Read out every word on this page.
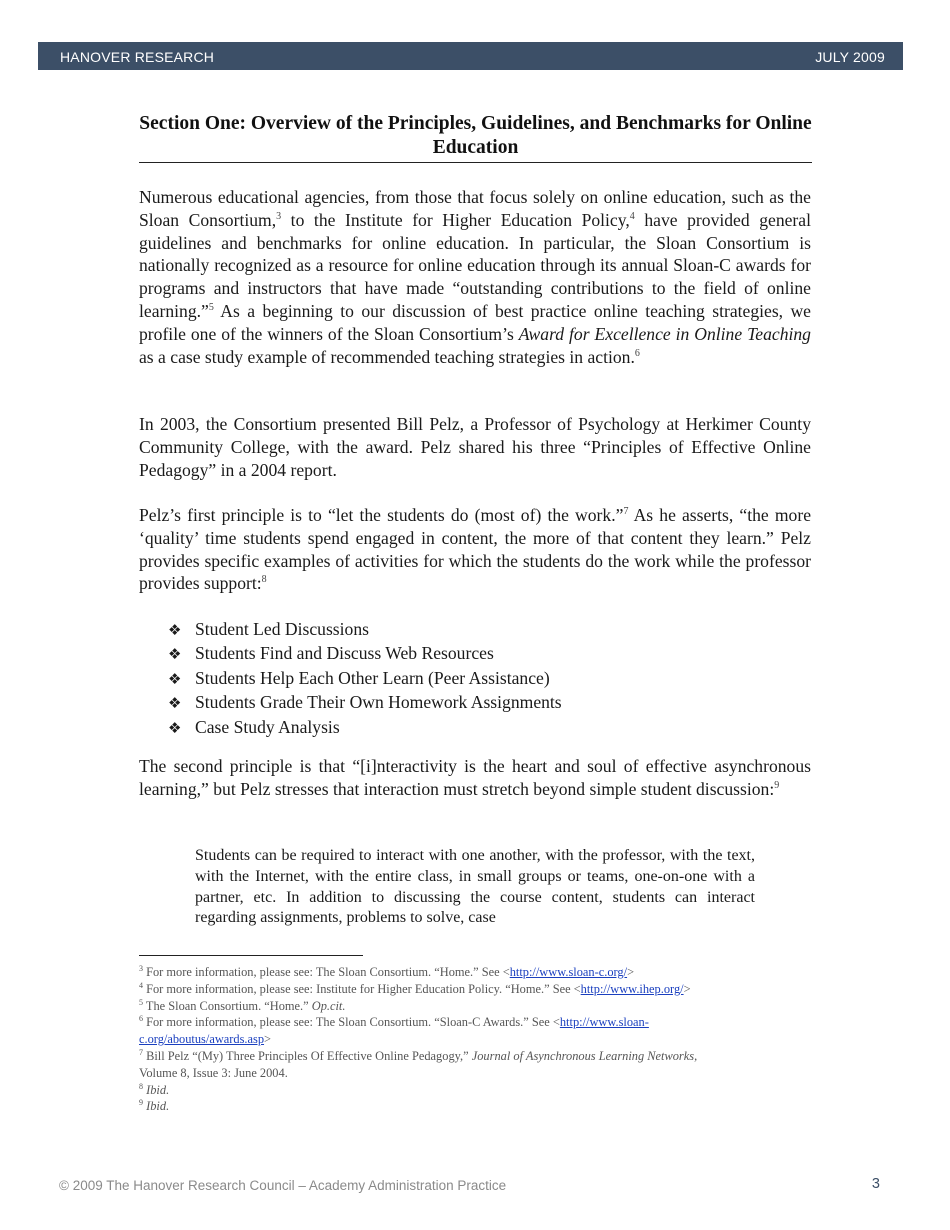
HANOVER RESEARCH	JULY 2009
Section One: Overview of the Principles, Guidelines, and Benchmarks for Online Education

Numerous educational agencies, from those that focus solely on online education, such as the Sloan Consortium,$^3$ to the Institute for Higher Education Policy,$^4$ have provided general guidelines and benchmarks for online education. In particular, the Sloan Consortium is nationally recognized as a resource for online education through its annual Sloan-C awards for programs and instructors that have made “outstanding contributions to the field of online learning.”$^5$ As a beginning to our discussion of best practice online teaching strategies, we profile one of the winners of the Sloan Consortium’s Award for Excellence in Online Teaching as a case study example of recommended teaching strategies in action.$^6$

In 2003, the Consortium presented Bill Pelz, a Professor of Psychology at Herkimer County Community College, with the award. Pelz shared his three “Principles of Effective Online Pedagogy” in a 2004 report.

Pelz’s first principle is to “let the students do (most of) the work.”$^7$ As he asserts, “the more ‘quality’ time students spend engaged in content, the more of that content they learn.” Pelz provides specific examples of activities for which the students do the work while the professor provides support:$^8$

❖ Student Led Discussions
❖ Students Find and Discuss Web Resources
❖ Students Help Each Other Learn (Peer Assistance)
❖ Students Grade Their Own Homework Assignments
❖ Case Study Analysis

The second principle is that “[i]nteractivity is the heart and soul of effective asynchronous learning,” but Pelz stresses that interaction must stretch beyond simple student discussion:$^9$

Students can be required to interact with one another, with the professor, with the text, with the Internet, with the entire class, in small groups or teams, one-on-one with a partner, etc. In addition to discussing the course content, students can interact regarding assignments, problems to solve, case

$^3$ For more information, please see: The Sloan Consortium. “Home.” See <http://www.sloan-c.org/>

$^4$ For more information, please see: Institute for Higher Education Policy. “Home.” See <http://www.ihep.org/>

$^5$ The Sloan Consortium. “Home.” Op.cit.

$^6$ For more information, please see: The Sloan Consortium. “Sloan-C Awards.” See <http://www.sloan-
c.org/aboutus/awards.asp>

$^7$ Bill Pelz “(My) Three Principles Of Effective Online Pedagogy,” Journal of Asynchronous Learning Networks,
Volume 8, Issue 3: June 2004.

$^8$ Ibid.

$^9$ Ibid.

© 2009 The Hanover Research Council – Academy Administration Practice	3
